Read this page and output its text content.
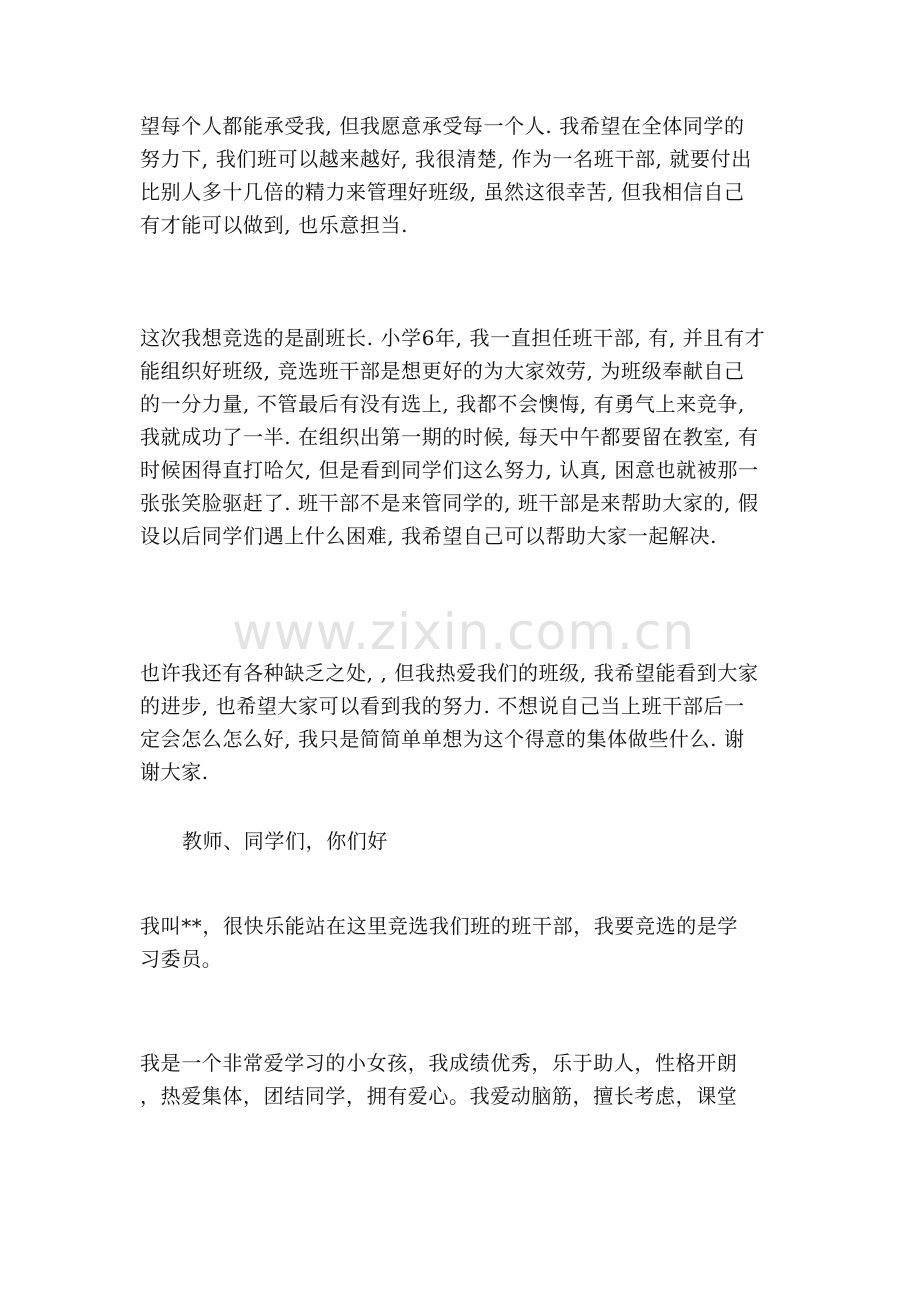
www.zixin.com.cn
望每个人都能承受我, 但我愿意承受每一个人. 我希望在全体同学的
努力下, 我们班可以越来越好, 我很清楚, 作为一名班干部, 就要付出
比别人多十几倍的精力来管理好班级, 虽然这很幸苦, 但我相信自己
有才能可以做到, 也乐意担当.
这次我想竞选的是副班长. 小学6年, 我一直担任班干部, 有, 并且有才
能组织好班级, 竞选班干部是想更好的为大家效劳, 为班级奉献自己
的一分力量, 不管最后有没有选上, 我都不会懊悔, 有勇气上来竞争,
我就成功了一半. 在组织出第一期的时候, 每天中午都要留在教室, 有
时候困得直打哈欠, 但是看到同学们这么努力, 认真, 困意也就被那一
张张笑脸驱赶了. 班干部不是来管同学的, 班干部是来帮助大家的, 假
设以后同学们遇上什么困难, 我希望自己可以帮助大家一起解决.
也许我还有各种缺乏之处, , 但我热爱我们的班级, 我希望能看到大家
的进步, 也希望大家可以看到我的努力. 不想说自己当上班干部后一
定会怎么怎么好, 我只是简简单单想为这个得意的集体做些什么. 谢
谢大家.
教师、同学们，你们好
我叫**，很快乐能站在这里竞选我们班的班干部，我要竞选的是学
习委员。
我是一个非常爱学习的小女孩，我成绩优秀，乐于助人，性格开朗
，热爱集体，团结同学，拥有爱心。我爱动脑筋，擅长考虑，课堂
